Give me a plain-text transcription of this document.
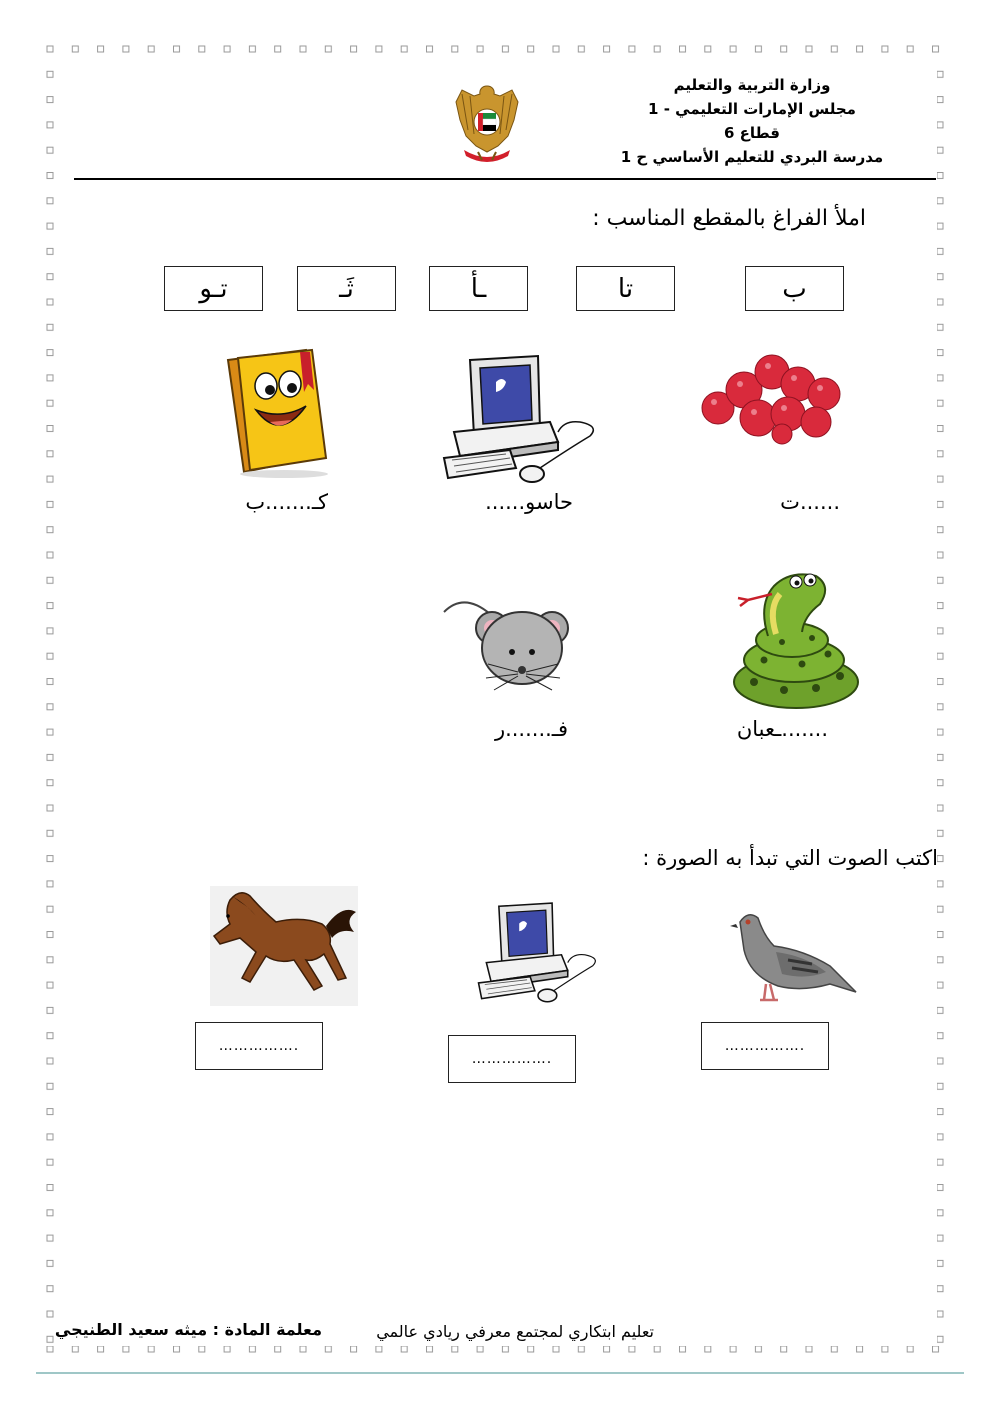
وزارة التربية والتعليم
مجلس الإمارات التعليمي - 1
قطاع 6
مدرسة البردي للتعليم الأساسي ح 1
املأ الفراغ بالمقطع المناسب :
ب
تا
ـأ
ثَـ
تـو
......ت
حاسو......
كـ.......ب
.......ـعبان
فـ.......ر
اكتب الصوت التي تبدأ به الصورة :
…………….
…………….
…………….
تعليم ابتكاري لمجتمع معرفي ريادي عالمي
معلمة المادة : ميثه سعيد الطنيجي
